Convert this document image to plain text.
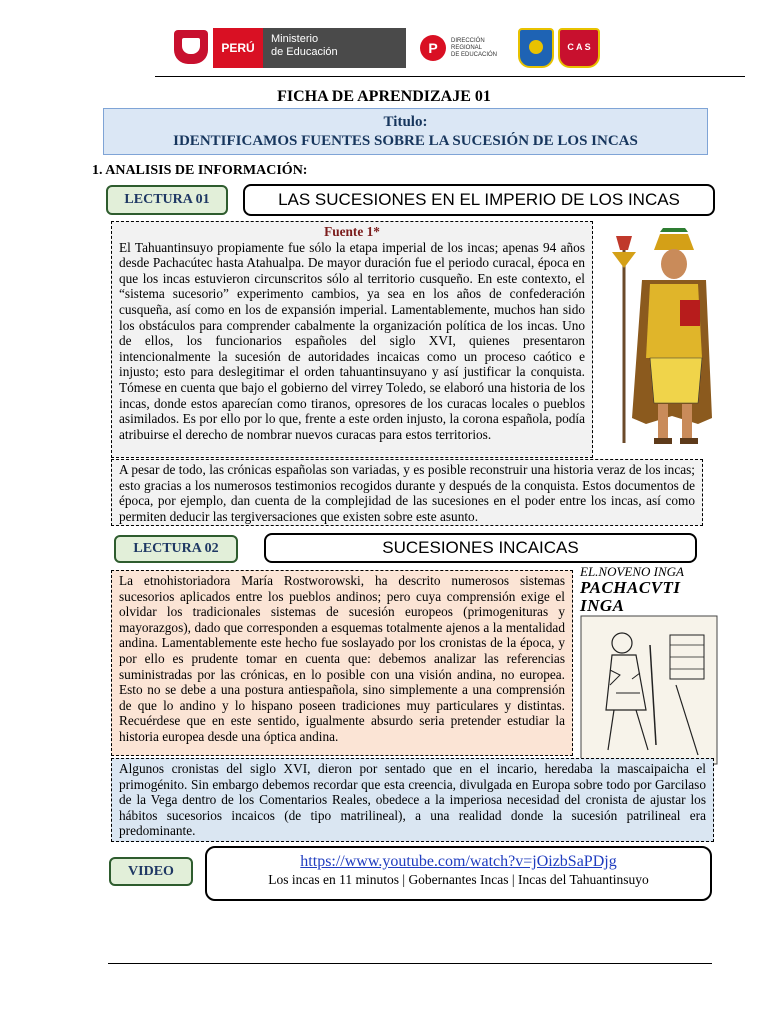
PERÚ
Ministerio
de Educación	P	DIRECCIÓN
REGIONAL
DE EDUCACIÓN
C A S
FICHA DE APRENDIZAJE 01
Titulo:
IDENTIFICAMOS FUENTES SOBRE LA SUCESIÓN DE LOS INCAS
1. ANALISIS DE INFORMACIÓN:
LECTURA 01	LAS SUCESIONES EN EL IMPERIO DE LOS INCAS
Fuente 1*
El Tahuantinsuyo propiamente fue sólo la etapa imperial de los incas; apenas 94 años desde Pachacútec hasta Atahualpa. De mayor duración fue el periodo curacal, época en que los incas estuvieron circunscritos sólo al territorio cusqueño. En este contexto, el “sistema sucesorio” experimento cambios, ya sea en los años de confederación cusqueña, así como en los de expansión imperial. Lamentablemente, muchos han sido los obstáculos para comprender cabalmente la organización política de los incas. Uno de ellos, los funcionarios españoles del siglo XVI, quienes presentaron intencionalmente la sucesión de autoridades incaicas como un proceso caótico e injusto; esto para deslegitimar el orden tahuantinsuyano y así justificar la conquista. Tómese en cuenta que bajo el gobierno del virrey Toledo, se elaboró una historia de los incas, donde estos aparecían como tiranos, opresores de los curacas locales o pueblos asimilados. Es por ello por lo que, frente a este orden injusto, la corona española, podía atribuirse el derecho de nombrar nuevos curacas para estos territorios.
A pesar de todo, las crónicas españolas son variadas, y es posible reconstruir una historia veraz de los incas; esto gracias a los numerosos testimonios recogidos durante y después de la conquista. Estos documentos de época, por ejemplo, dan cuenta de la complejidad de las sucesiones en el poder entre los incas, así como permiten deducir las tergiversaciones que existen sobre este asunto.
LECTURA 02	SUCESIONES INCAICAS
La etnohistoriadora María Rostworowski, ha descrito numerosos sistemas sucesorios aplicados entre los pueblos andinos; pero cuya comprensión exige el olvidar los tradicionales sistemas de sucesión europeos (primogenituras y mayorazgos), dado que corresponden a esquemas totalmente ajenos a la mentalidad andina. Lamentablemente este hecho fue soslayado por los cronistas de la época, y por ello es prudente tomar en cuenta que: debemos analizar las referencias suministradas por las crónicas, en lo posible con una visión andina, no europea. Esto no se debe a una postura antiespañola, sino simplemente a una comprensión de que lo andino y lo hispano poseen tradiciones muy particulares y distintas. Recuérdese que en este sentido, igualmente absurdo seria pretender estudiar la historia europea desde una óptica andina.
EL.NOVENO INGA
PACHACVTI INGA
Algunos cronistas del siglo XVI, dieron por sentado que en el incario, heredaba la mascaipaicha el primogénito. Sin embargo debemos recordar que esta creencia, divulgada en Europa sobre todo por Garcilaso de la Vega dentro de los Comentarios Reales, obedece a la imperiosa necesidad del cronista de ajustar los hábitos sucesorios incaicos (de tipo matrilineal), a una realidad donde la sucesión patrilineal era predominante.
VIDEO
https://www.youtube.com/watch?v=jOizbSaPDjg
Los incas en 11 minutos | Gobernantes Incas | Incas del Tahuantinsuyo
